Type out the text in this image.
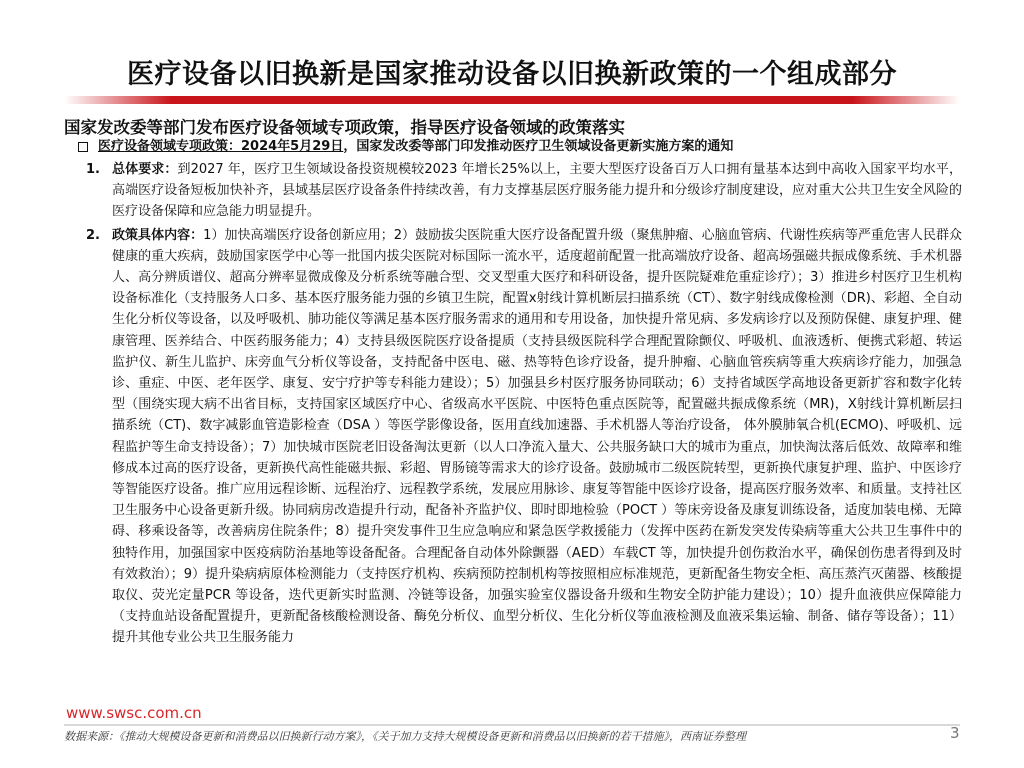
医疗设备以旧换新是国家推动设备以旧换新政策的一个组成部分
国家发改委等部门发布医疗设备领域专项政策，指导医疗设备领域的政策落实
医疗设备领域专项政策：2024年5月29日，国家发改委等部门印发推动医疗卫生领域设备更新实施方案的通知
1. 总体要求：到2027 年，医疗卫生领域设备投资规模较2023 年增长25%以上，主要大型医疗设备百万人口拥有量基本达到中高收入国家平均水平，高端医疗设备短板加快补齐，县域基层医疗设备条件持续改善，有力支撑基层医疗服务能力提升和分级诊疗制度建设，应对重大公共卫生安全风险的医疗设备保障和应急能力明显提升。
2. 政策具体内容：1）加快高端医疗设备创新应用；2）鼓励拔尖医院重大医疗设备配置升级（聚焦肿瘤、心脑血管病、代谢性疾病等严重危害人民群众健康的重大疾病，鼓励国家医学中心等一批国内拔尖医院对标国际一流水平，适度超前配置一批高端放疗设备、超高场强磁共振成像系统、手术机器人、高分辨质谱仪、超高分辨率显微成像及分析系统等融合型、交叉型重大医疗和科研设备，提升医院疑难危重症诊疗）；3）推进乡村医疗卫生机构设备标准化（支持服务人口多、基本医疗服务能力强的乡镇卫生院，配置x射线计算机断层扫描系统（CT）、数字射线成像检测（DR)、彩超、全自动生化分析仪等设备，以及呼吸机、肺功能仪等满足基本医疗服务需求的通用和专用设备，加快提升常见病、多发病诊疗以及预防保健、康复护理、健康管理、医养结合、中医药服务能力；4）支持县级医院医疗设备提质（支持县级医院科学合理配置除颤仪、呼吸机、血液透析、便携式彩超、转运监护仪、新生儿监护、床旁血气分析仪等设备，支持配备中医电、磁、热等特色诊疗设备，提升肿瘤、心脑血管疾病等重大疾病诊疗能力，加强急诊、重症、中医、老年医学、康复、安宁疗护等专科能力建设）；5）加强县乡村医疗服务协同联动；6）支持省域医学高地设备更新扩容和数字化转型（围绕实现大病不出省目标，支持国家区域医疗中心、省级高水平医院、中医特色重点医院等，配置磁共振成像系统（MR)，X射线计算机断层扫描系统（CT)、数字减影血管造影检查（DSA ）等医学影像设备，医用直线加速器、手术机器人等治疗设备， 体外膜肺氧合机(ECMO)、呼吸机、远程监护等生命支持设备）；7）加快城市医院老旧设备淘汰更新（以人口净流入量大、公共服务缺口大的城市为重点，加快淘汰落后低效、故障率和维修成本过高的医疗设备，更新换代高性能磁共振、彩超、胃肠镜等需求大的诊疗设备。鼓励城市二级医院转型，更新换代康复护理、监护、中医诊疗等智能医疗设备。推广应用远程诊断、远程治疗、远程教学系统，发展应用脉诊、康复等智能中医诊疗设备，提高医疗服务效率、和质量。支持社区卫生服务中心设备更新升级。协同病房改造提升行动，配备补齐监护仪、即时即地检验（POCT ）等床旁设备及康复训练设备，适度加装电梯、无障碍、移乘设备等，改善病房住院条件；8）提升突发事件卫生应急响应和紧急医学救援能力（发挥中医药在新发突发传染病等重大公共卫生事件中的独特作用，加强国家中医疫病防治基地等设备配备。合理配备自动体外除颤器（AED）车载CT 等，加快提升创伤救治水平，确保创伤患者得到及时有效救治）；9）提升染病病原体检测能力（支持医疗机构、疾病预防控制机构等按照相应标准规范，更新配备生物安全柜、高压蒸汽灭菌器、核酸提取仪、荧光定量PCR 等设备，迭代更新实时监测、冷链等设备，加强实验室仪器设备升级和生物安全防护能力建设）；10）提升血液供应保障能力（支持血站设备配置提升，更新配备核酸检测设备、酶免分析仪、血型分析仪、生化分析仪等血液检测及血液采集运输、制备、储存等设备）；11）提升其他专业公共卫生服务能力
www.swsc.com.cn
数据来源：《推动大规模设备更新和消费品以旧换新行动方案》，《关于加力支持大规模设备更新和消费品以旧换新的若干措施》，西南证券整理	3
